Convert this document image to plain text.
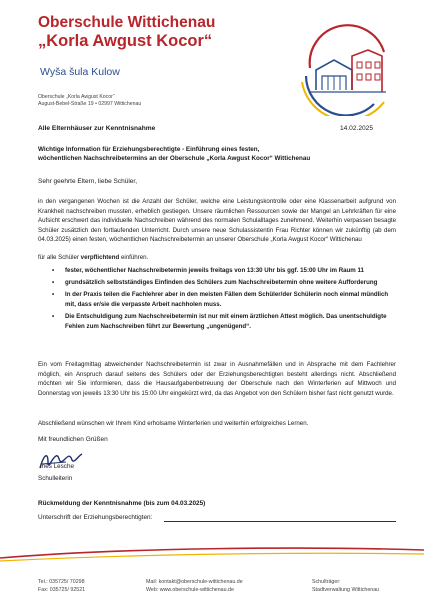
Oberschule Wittichenau
„Korla Awgust Kocor“
Wyša šula Kulow
Oberschule „Korla Awgust Kocor“
August-Bebel-Straße 19 • 02997 Wittichenau
Alle Elternhäuser zur Kenntnisnahme	14.02.2025
Wichtige Information für Erziehungsberechtigte - Einführung eines festen,
wöchentlichen Nachschreibetermins an der Oberschule „Korla Awgust Kocor“ Wittichenau
Sehr geehrte Eltern, liebe Schüler,
in den vergangenen Wochen ist die Anzahl der Schüler, welche eine Leistungskontrolle oder eine Klassenarbeit aufgrund von Krankheit nachschreiben mussten, erheblich gestiegen. Unsere räumlichen Ressourcen sowie der Mangel an Lehrkräften für eine Aufsicht erschwert das individuelle Nachschreiben während des normalen Schulalltages zunehmend. Weiterhin verpassen besagte Schüler zusätzlich den fortlaufenden Unterricht. Durch unsere neue Schulassistentin Frau Richter können wir zukünftig (ab dem 04.03.2025) einen festen, wöchentlichen Nachschreibetermin an unserer Oberschule „Korla Awgust Kocor“ Wittichenau
für alle Schüler verpflichtend einführen.
• fester, wöchentlicher Nachschreibetermin jeweils freitags von 13:30 Uhr bis ggf. 15:00 Uhr im Raum 11
• grundsätzlich selbstständiges Einfinden des Schülers zum Nachschreibetermin ohne weitere Aufforderung
• In der Praxis teilen die Fachlehrer aber in den meisten Fällen dem Schüler/der Schülerin noch einmal mündlich mit, dass er/sie die verpasste Arbeit nachholen muss.
• Die Entschuldigung zum Nachschreibetermin ist nur mit einem ärztlichen Attest möglich. Das unentschuldigte Fehlen zum Nachschreiben führt zur Bewertung „ungenügend“.
Ein vom Freitagmittag abweichender Nachschreibetermin ist zwar in Ausnahmefällen und in Absprache mit dem Fachlehrer möglich, ein Anspruch darauf seitens des Schülers oder der Erziehungsberechtigten besteht allerdings nicht. Abschließend möchten wir Sie informieren, dass die Hausaufgabenbetreuung der Oberschule nach den Winterferien auf Mittwoch und Donnerstag von jeweils 13:30 Uhr bis 15:00 Uhr eingekürzt wird, da das Angebot von den Schülern bisher fast nicht genutzt wurde.
Abschließend wünschen wir Ihrem Kind erholsame Winterferien und weiterhin erfolgreiches Lernen.
Mit freundlichen Grüßen
Ines Lesche
Schulleiterin
Rückmeldung der Kenntnisnahme (bis zum 04.03.2025)
Unterschrift der Erziehungsberechtigten:
Tel.: 035725/ 70298
Fax: 035725/ 92521
Mail: kontakt@oberschule-wittichenau.de
Web: www.oberschule-wittichenau.de
Schulträger:
Stadtverwaltung Wittichenau
